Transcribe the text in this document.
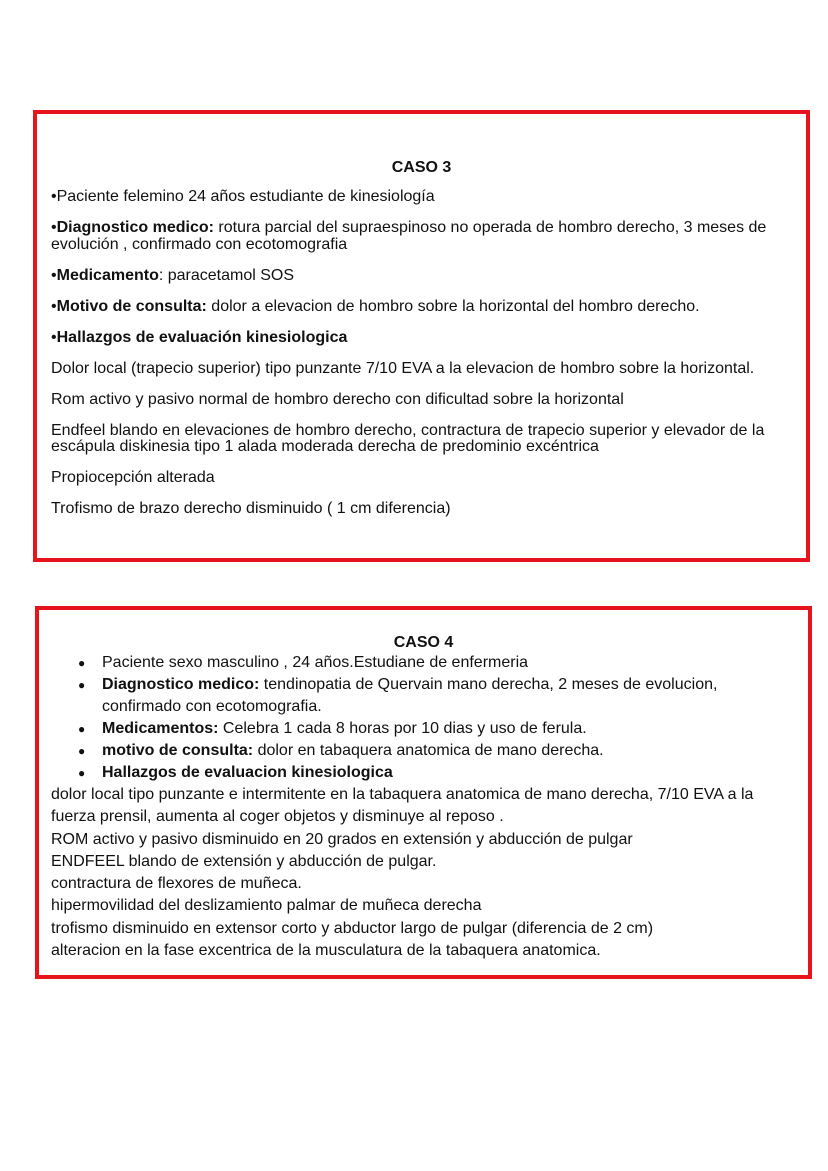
CASO 3

•Paciente felemino 24 años estudiante de kinesiología

•Diagnostico medico: rotura parcial del supraespinoso no operada de hombro derecho, 3 meses de evolución , confirmado con ecotomografia

•Medicamento: paracetamol SOS

•Motivo de consulta: dolor a elevacion de hombro sobre la horizontal del hombro derecho.

•Hallazgos de evaluación kinesiologica

Dolor local (trapecio superior) tipo punzante 7/10 EVA a la elevacion de hombro sobre la horizontal.

Rom activo y pasivo normal de hombro derecho con dificultad sobre la horizontal

Endfeel blando en elevaciones de hombro derecho, contractura de trapecio superior y elevador de la escápula diskinesia tipo 1 alada moderada derecha de predominio excéntrica

Propiocepción alterada

Trofismo de brazo derecho disminuido ( 1 cm diferencia)

CASO 4
● Paciente sexo masculino , 24 años.Estudiane de enfermeria
● Diagnostico medico: tendinopatia de Quervain mano derecha, 2 meses de evolucion, confirmado con ecotomografia.
● Medicamentos: Celebra 1 cada 8 horas por 10 dias y uso de ferula.
● motivo de consulta: dolor en tabaquera anatomica de mano derecha.
● Hallazgos de evaluacion kinesiologica

dolor local tipo punzante e intermitente en la tabaquera anatomica de mano derecha, 7/10 EVA a la fuerza prensil, aumenta al coger objetos y disminuye al reposo .

ROM activo y pasivo disminuido en 20 grados en extensión y abducción de pulgar

ENDFEEL blando de extensión y abducción de pulgar.

contractura de flexores de muñeca.

hipermovilidad del deslizamiento palmar de muñeca derecha

trofismo disminuido en extensor corto y abductor largo de pulgar (diferencia de 2 cm)

alteracion en la fase excentrica de la musculatura de la tabaquera anatomica.
